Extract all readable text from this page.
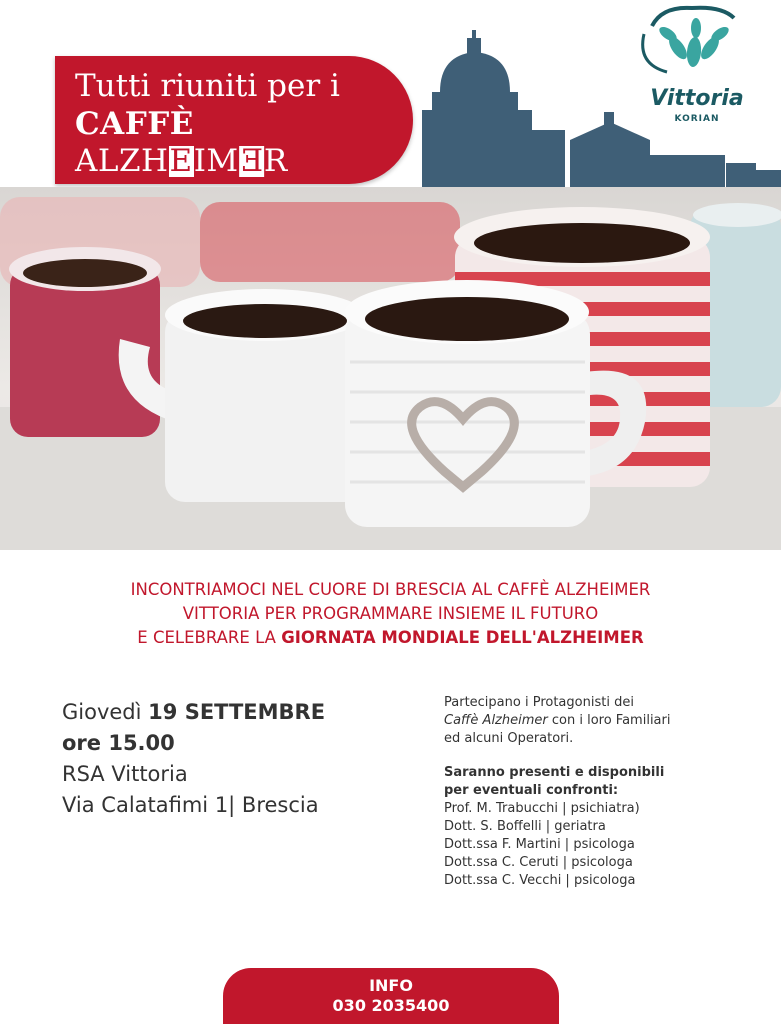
Tutti riuniti per i
CAFFÈ
ALZHEIMER
Vittoria
KORIAN
INCONTRIAMOCI NEL CUORE DI BRESCIA AL CAFFÈ ALZHEIMER
VITTORIA PER PROGRAMMARE INSIEME IL FUTURO
E CELEBRARE LA GIORNATA MONDIALE DELL'ALZHEIMER
Giovedì 19 SETTEMBRE
ore 15.00
RSA Vittoria
Via Calatafimi 1| Brescia
Partecipano i Protagonisti dei
Caffè Alzheimer con i loro Familiari
ed alcuni Operatori.
Saranno presenti e disponibili
per eventuali confronti:
Prof. M. Trabucchi | psichiatra)
Dott. S. Boffelli | geriatra
Dott.ssa F. Martini | psicologa
Dott.ssa C. Ceruti | psicologa
Dott.ssa C. Vecchi | psicologa
INFO
030 2035400
